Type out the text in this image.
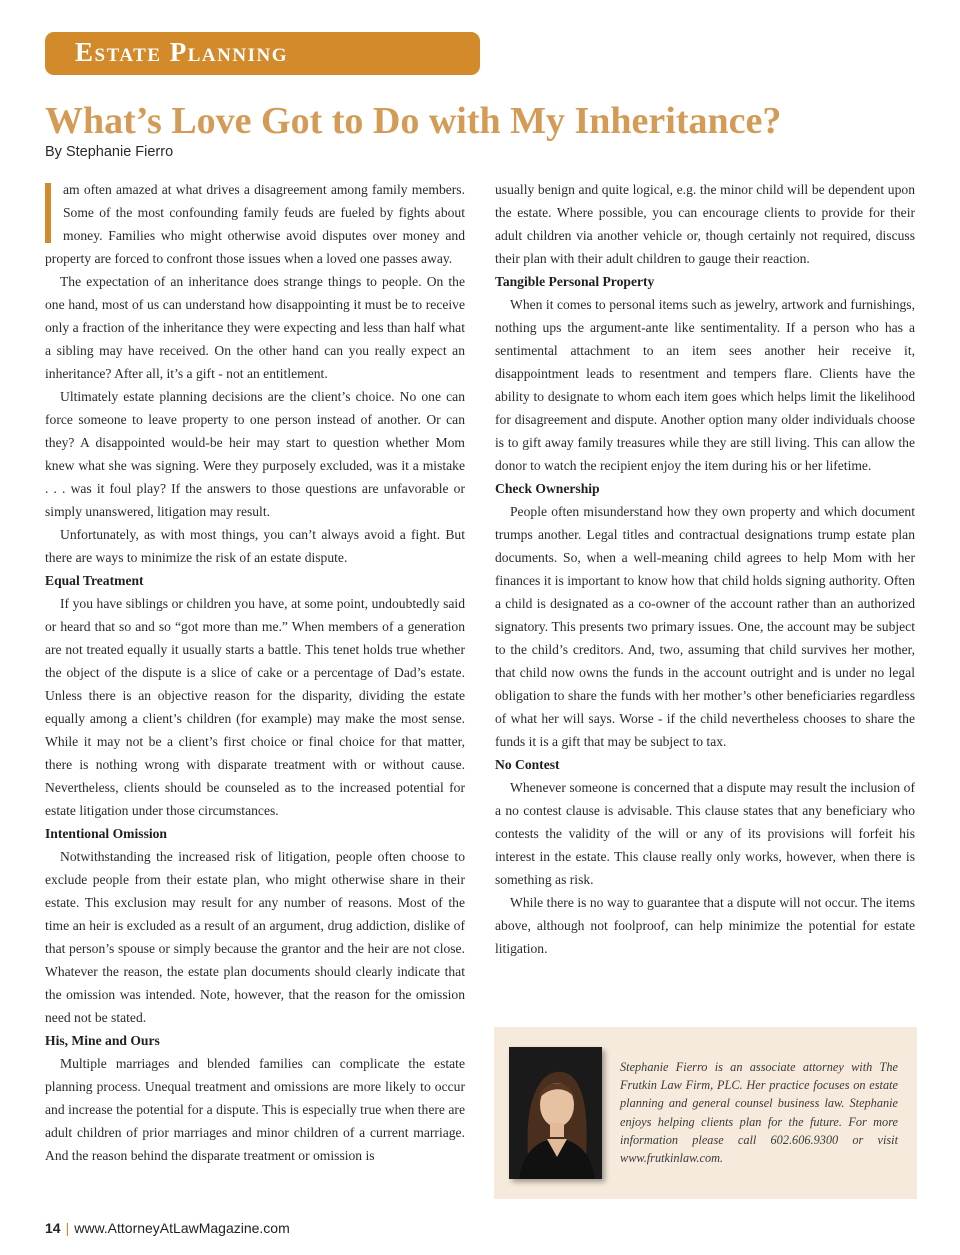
Estate Planning
What’s Love Got to Do with My Inheritance?
By Stephanie Fierro

am often amazed at what drives a disagreement among family members. Some of the most confounding family feuds are fueled by fights about money. Families who might otherwise avoid disputes over money and property are forced to confront those issues when a loved one passes away.

The expectation of an inheritance does strange things to people. On the one hand, most of us can understand how disappointing it must be to receive only a fraction of the inheritance they were expecting and less than half what a sibling may have received. On the other hand can you really expect an inheritance? After all, it’s a gift - not an entitlement.

Ultimately estate planning decisions are the client’s choice. No one can force someone to leave property to one person instead of another. Or can they? A disappointed would-be heir may start to question whether Mom knew what she was signing. Were they purposely excluded, was it a mistake . . . was it foul play? If the answers to those questions are unfavorable or simply unanswered, litigation may result.

Unfortunately, as with most things, you can’t always avoid a fight. But there are ways to minimize the risk of an estate dispute.

Equal Treatment

If you have siblings or children you have, at some point, undoubtedly said or heard that so and so “got more than me.” When members of a generation are not treated equally it usually starts a battle. This tenet holds true whether the object of the dispute is a slice of cake or a percentage of Dad’s estate. Unless there is an objective reason for the disparity, dividing the estate equally among a client’s children (for example) may make the most sense. While it may not be a client’s first choice or final choice for that matter, there is nothing wrong with disparate treatment with or without cause. Nevertheless, clients should be counseled as to the increased potential for estate litigation under those circumstances.

Intentional Omission

Notwithstanding the increased risk of litigation, people often choose to exclude people from their estate plan, who might otherwise share in their estate. This exclusion may result for any number of reasons. Most of the time an heir is excluded as a result of an argument, drug addiction, dislike of that person’s spouse or simply because the grantor and the heir are not close. Whatever the reason, the estate plan documents should clearly indicate that the omission was intended. Note, however, that the reason for the omission need not be stated.

His, Mine and Ours

Multiple marriages and blended families can complicate the estate planning process. Unequal treatment and omissions are more likely to occur and increase the potential for a dispute. This is especially true when there are adult children of prior marriages and minor children of a current marriage. And the reason behind the disparate treatment or omission is

usually benign and quite logical, e.g. the minor child will be dependent upon the estate. Where possible, you can encourage clients to provide for their adult children via another vehicle or, though certainly not required, discuss their plan with their adult children to gauge their reaction.

Tangible Personal Property

When it comes to personal items such as jewelry, artwork and furnishings, nothing ups the argument-ante like sentimentality. If a person who has a sentimental attachment to an item sees another heir receive it, disappointment leads to resentment and tempers flare. Clients have the ability to designate to whom each item goes which helps limit the likelihood for disagreement and dispute. Another option many older individuals choose is to gift away family treasures while they are still living. This can allow the donor to watch the recipient enjoy the item during his or her lifetime.

Check Ownership

People often misunderstand how they own property and which document trumps another. Legal titles and contractual designations trump estate plan documents. So, when a well-meaning child agrees to help Mom with her finances it is important to know how that child holds signing authority. Often a child is designated as a co-owner of the account rather than an authorized signatory. This presents two primary issues. One, the account may be subject to the child’s creditors. And, two, assuming that child survives her mother, that child now owns the funds in the account outright and is under no legal obligation to share the funds with her mother’s other beneficiaries regardless of what her will says. Worse - if the child nevertheless chooses to share the funds it is a gift that may be subject to tax.

No Contest

Whenever someone is concerned that a dispute may result the inclusion of a no contest clause is advisable. This clause states that any beneficiary who contests the validity of the will or any of its provisions will forfeit his interest in the estate. This clause really only works, however, when there is something as risk.

While there is no way to guarantee that a dispute will not occur. The items above, although not foolproof, can help minimize the potential for estate litigation.

Stephanie Fierro is an associate attorney with The Frutkin Law Firm, PLC. Her practice focuses on estate planning and general counsel business law. Stephanie enjoys helping clients plan for the future. For more information please call 602.606.9300 or visit www.frutkinlaw.com.
14 | www.AttorneyAtLawMagazine.com
